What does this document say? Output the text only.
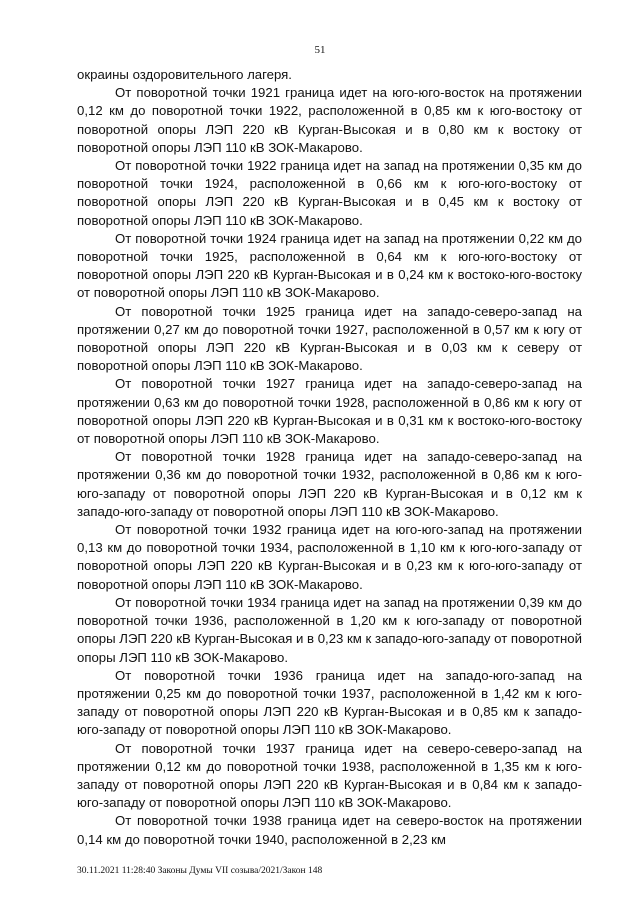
51

окраины оздоровительного лагеря.

От поворотной точки 1921 граница идет на юго-юго-восток на протяжении 0,12 км до поворотной точки 1922, расположенной в 0,85 км к юго-востоку от поворотной опоры ЛЭП 220 кВ Курган-Высокая и в 0,80 км к востоку от поворотной опоры ЛЭП 110 кВ ЗОК-Макарово.

От поворотной точки 1922 граница идет на запад на протяжении 0,35 км до поворотной точки 1924, расположенной в 0,66 км к юго-юго-востоку от поворотной опоры ЛЭП 220 кВ Курган-Высокая и в 0,45 км к востоку от поворотной опоры ЛЭП 110 кВ ЗОК-Макарово.

От поворотной точки 1924 граница идет на запад на протяжении 0,22 км до поворотной точки 1925, расположенной в 0,64 км к юго-юго-востоку от поворотной опоры ЛЭП 220 кВ Курган-Высокая и в 0,24 км к востоко-юго-востоку от поворотной опоры ЛЭП 110 кВ ЗОК-Макарово.

От поворотной точки 1925 граница идет на западо-северо-запад на протяжении 0,27 км до поворотной точки 1927, расположенной в 0,57 км к югу от поворотной опоры ЛЭП 220 кВ Курган-Высокая и в 0,03 км к северу от поворотной опоры ЛЭП 110 кВ ЗОК-Макарово.

От поворотной точки 1927 граница идет на западо-северо-запад на протяжении 0,63 км до поворотной точки 1928, расположенной в 0,86 км к югу от поворотной опоры ЛЭП 220 кВ Курган-Высокая и в 0,31 км к востоко-юго-востоку от поворотной опоры ЛЭП 110 кВ ЗОК-Макарово.

От поворотной точки 1928 граница идет на западо-северо-запад на протяжении 0,36 км до поворотной точки 1932, расположенной в 0,86 км к юго-юго-западу от поворотной опоры ЛЭП 220 кВ Курган-Высокая и в 0,12 км к западо-юго-западу от поворотной опоры ЛЭП 110 кВ ЗОК-Макарово.

От поворотной точки 1932 граница идет на юго-юго-запад на протяжении 0,13 км до поворотной точки 1934, расположенной в 1,10 км к юго-юго-западу от поворотной опоры ЛЭП 220 кВ Курган-Высокая и в 0,23 км к юго-юго-западу от поворотной опоры ЛЭП 110 кВ ЗОК-Макарово.

От поворотной точки 1934 граница идет на запад на протяжении 0,39 км до поворотной точки 1936, расположенной в 1,20 км к юго-западу от поворотной опоры ЛЭП 220 кВ Курган-Высокая и в 0,23 км к западо-юго-западу от поворотной опоры ЛЭП 110 кВ ЗОК-Макарово.

От поворотной точки 1936 граница идет на западо-юго-запад на протяжении 0,25 км до поворотной точки 1937, расположенной в 1,42 км к юго-западу от поворотной опоры ЛЭП 220 кВ Курган-Высокая и в 0,85 км к западо-юго-западу от поворотной опоры ЛЭП 110 кВ ЗОК-Макарово.

От поворотной точки 1937 граница идет на северо-северо-запад на протяжении 0,12 км до поворотной точки 1938, расположенной в 1,35 км к юго-западу от поворотной опоры ЛЭП 220 кВ Курган-Высокая и в 0,84 км к западо-юго-западу от поворотной опоры ЛЭП 110 кВ ЗОК-Макарово.

От поворотной точки 1938 граница идет на северо-восток на протяжении 0,14 км до поворотной точки 1940, расположенной в 2,23 км

30.11.2021 11:28:40 Законы Думы VII созыва/2021/Закон 148
